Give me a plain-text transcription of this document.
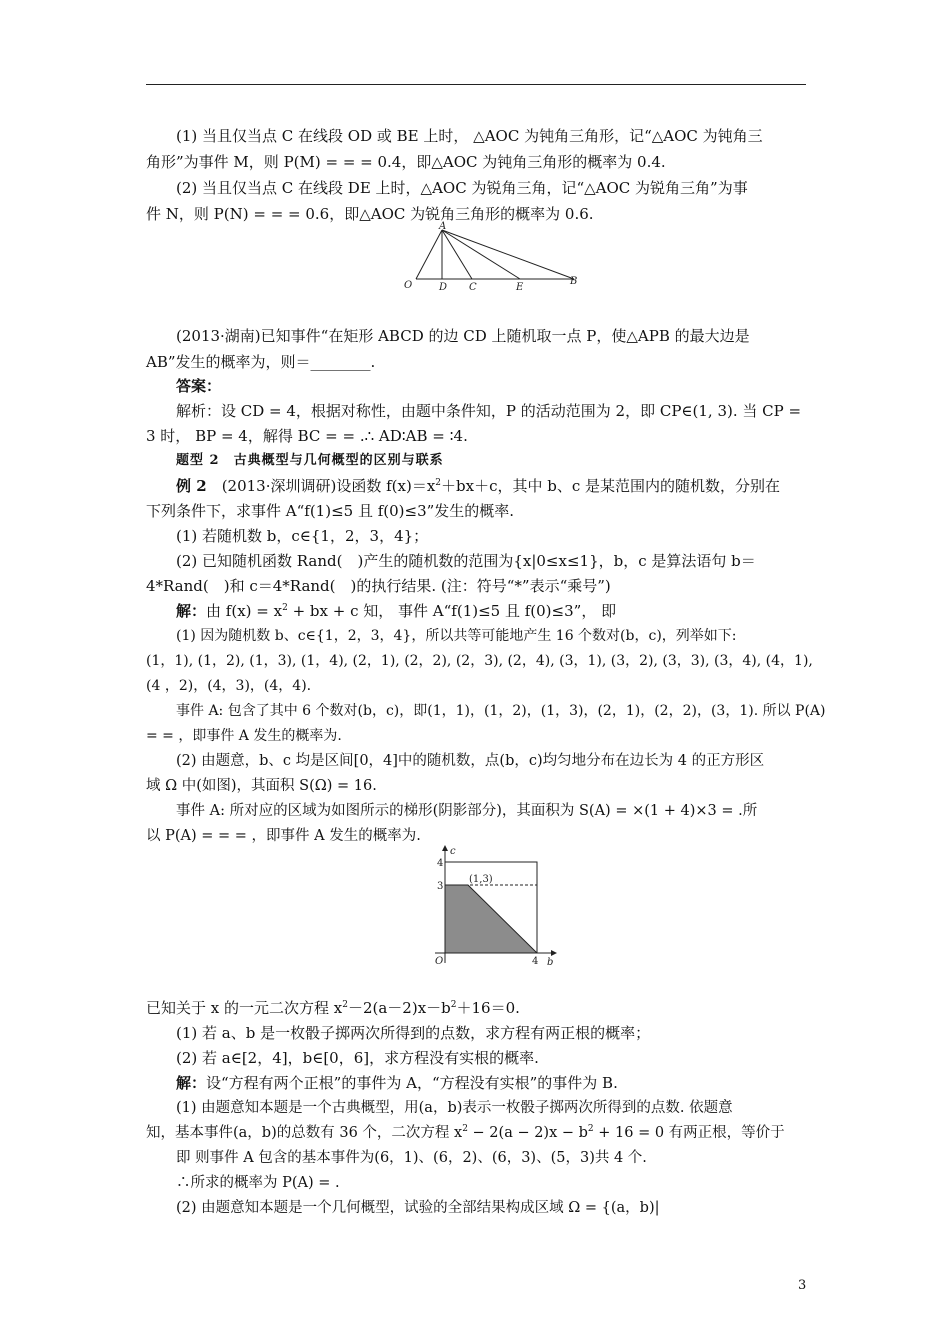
(1) 当且仅当点 C 在线段 OD 或 BE 上时， △AOC 为钝角三角形，记“△AOC 为钝角三
角形”为事件 M，则 P(M) = = = 0.4，即△AOC 为钝角三角形的概率为 0.4.
(2) 当且仅当点 C 在线段 DE 上时，△AOC 为锐角三角，记“△AOC 为锐角三角”为事
件 N，则 P(N) = = = 0.6，即△AOC 为锐角三角形的概率为 0.6.
A
O	D C	E
B
(2013·湖南)已知事件“在矩形 ABCD 的边 CD 上随机取一点 P，使△APB 的最大边是
AB”发生的概率为，则＝________.
答案：
解析：设 CD = 4，根据对称性，由题中条件知，P 的活动范围为 2，即 CP∈(1, 3). 当 CP =
3 时， BP = 4，解得 BC = = .∴ AD∶AB = ∶4.
题型 2　古典概型与几何概型的区别与联系
例 2　 (2013·深圳调研)设函数 $f(x)=x^2+bx+c$，其中 b、c 是某范围内的随机数，分别在
下列条件下，求事件 A“f(1)≤5 且 f(0)≤3”发生的概率.
(1) 若随机数 b，c∈{1，2，3，4}；
(2) 已知随机函数 Rand(　)产生的随机数的范围为{x|0≤x≤1}，b，c 是算法语句 b＝
4*Rand(　)和 c＝4*Rand(　)的执行结果. (注：符号“*”表示“乘号”)
解：由 $f(x) = x^2$ + bx + c 知， 事件 A“f(1)≤5 且 f(0)≤3”， 即
(1) 因为随机数 b、c∈{1，2，3，4}，所以共等可能地产生 16 个数对(b，c)，列举如下:
(1，1), (1，2), (1，3), (1，4), (2，1), (2，2), (2，3), (2，4), (3，1), (3，2), (3，3), (3，4), (4，1),
(4 ，2)，(4，3)，(4，4).
事件 A: 包含了其中 6 个数对(b，c)，即(1，1)，(1，2)，(1，3)，(2，1)，(2，2)，(3，1). 所以 P(A)
= = ，即事件 A 发生的概率为.
(2) 由题意，b、c 均是区间[0，4]中的随机数，点(b，c)均匀地分布在边长为 4 的正方形区
域 Ω 中(如图)，其面积 S(Ω) = 16.
事件 A: 所对应的区域为如图所示的梯形(阴影部分)，其面积为 S(A) = ×(1 + 4)×3 = .所
以 P(A) = = = ，即事件 A 发生的概率为.
c
b
4
3
O	4
(1,3)
已知关于 x 的一元二次方程 $x^2-2(a-2)x-b^2+16=0$.
(1) 若 a、b 是一枚骰子掷两次所得到的点数，求方程有两正根的概率；
(2) 若 a∈[2，4]，b∈[0，6]，求方程没有实根的概率.
解：设“方程有两个正根”的事件为 A，“方程没有实根”的事件为 B.
(1) 由题意知本题是一个古典概型，用(a，b)表示一枚骰子掷两次所得到的点数. 依题意
知，基本事件(a，b)的总数有 36 个，二次方程 $x^2 - 2(a - 2)x - b^2 + 16 = 0$ 有两正根，等价于
即 则事件 A 包含的基本事件为(6，1)、(6，2)、(6，3)、(5，3)共 4 个.
∴所求的概率为 P(A) = .
(2) 由题意知本题是一个几何概型，试验的全部结果构成区域 Ω = {(a，b)|
3
